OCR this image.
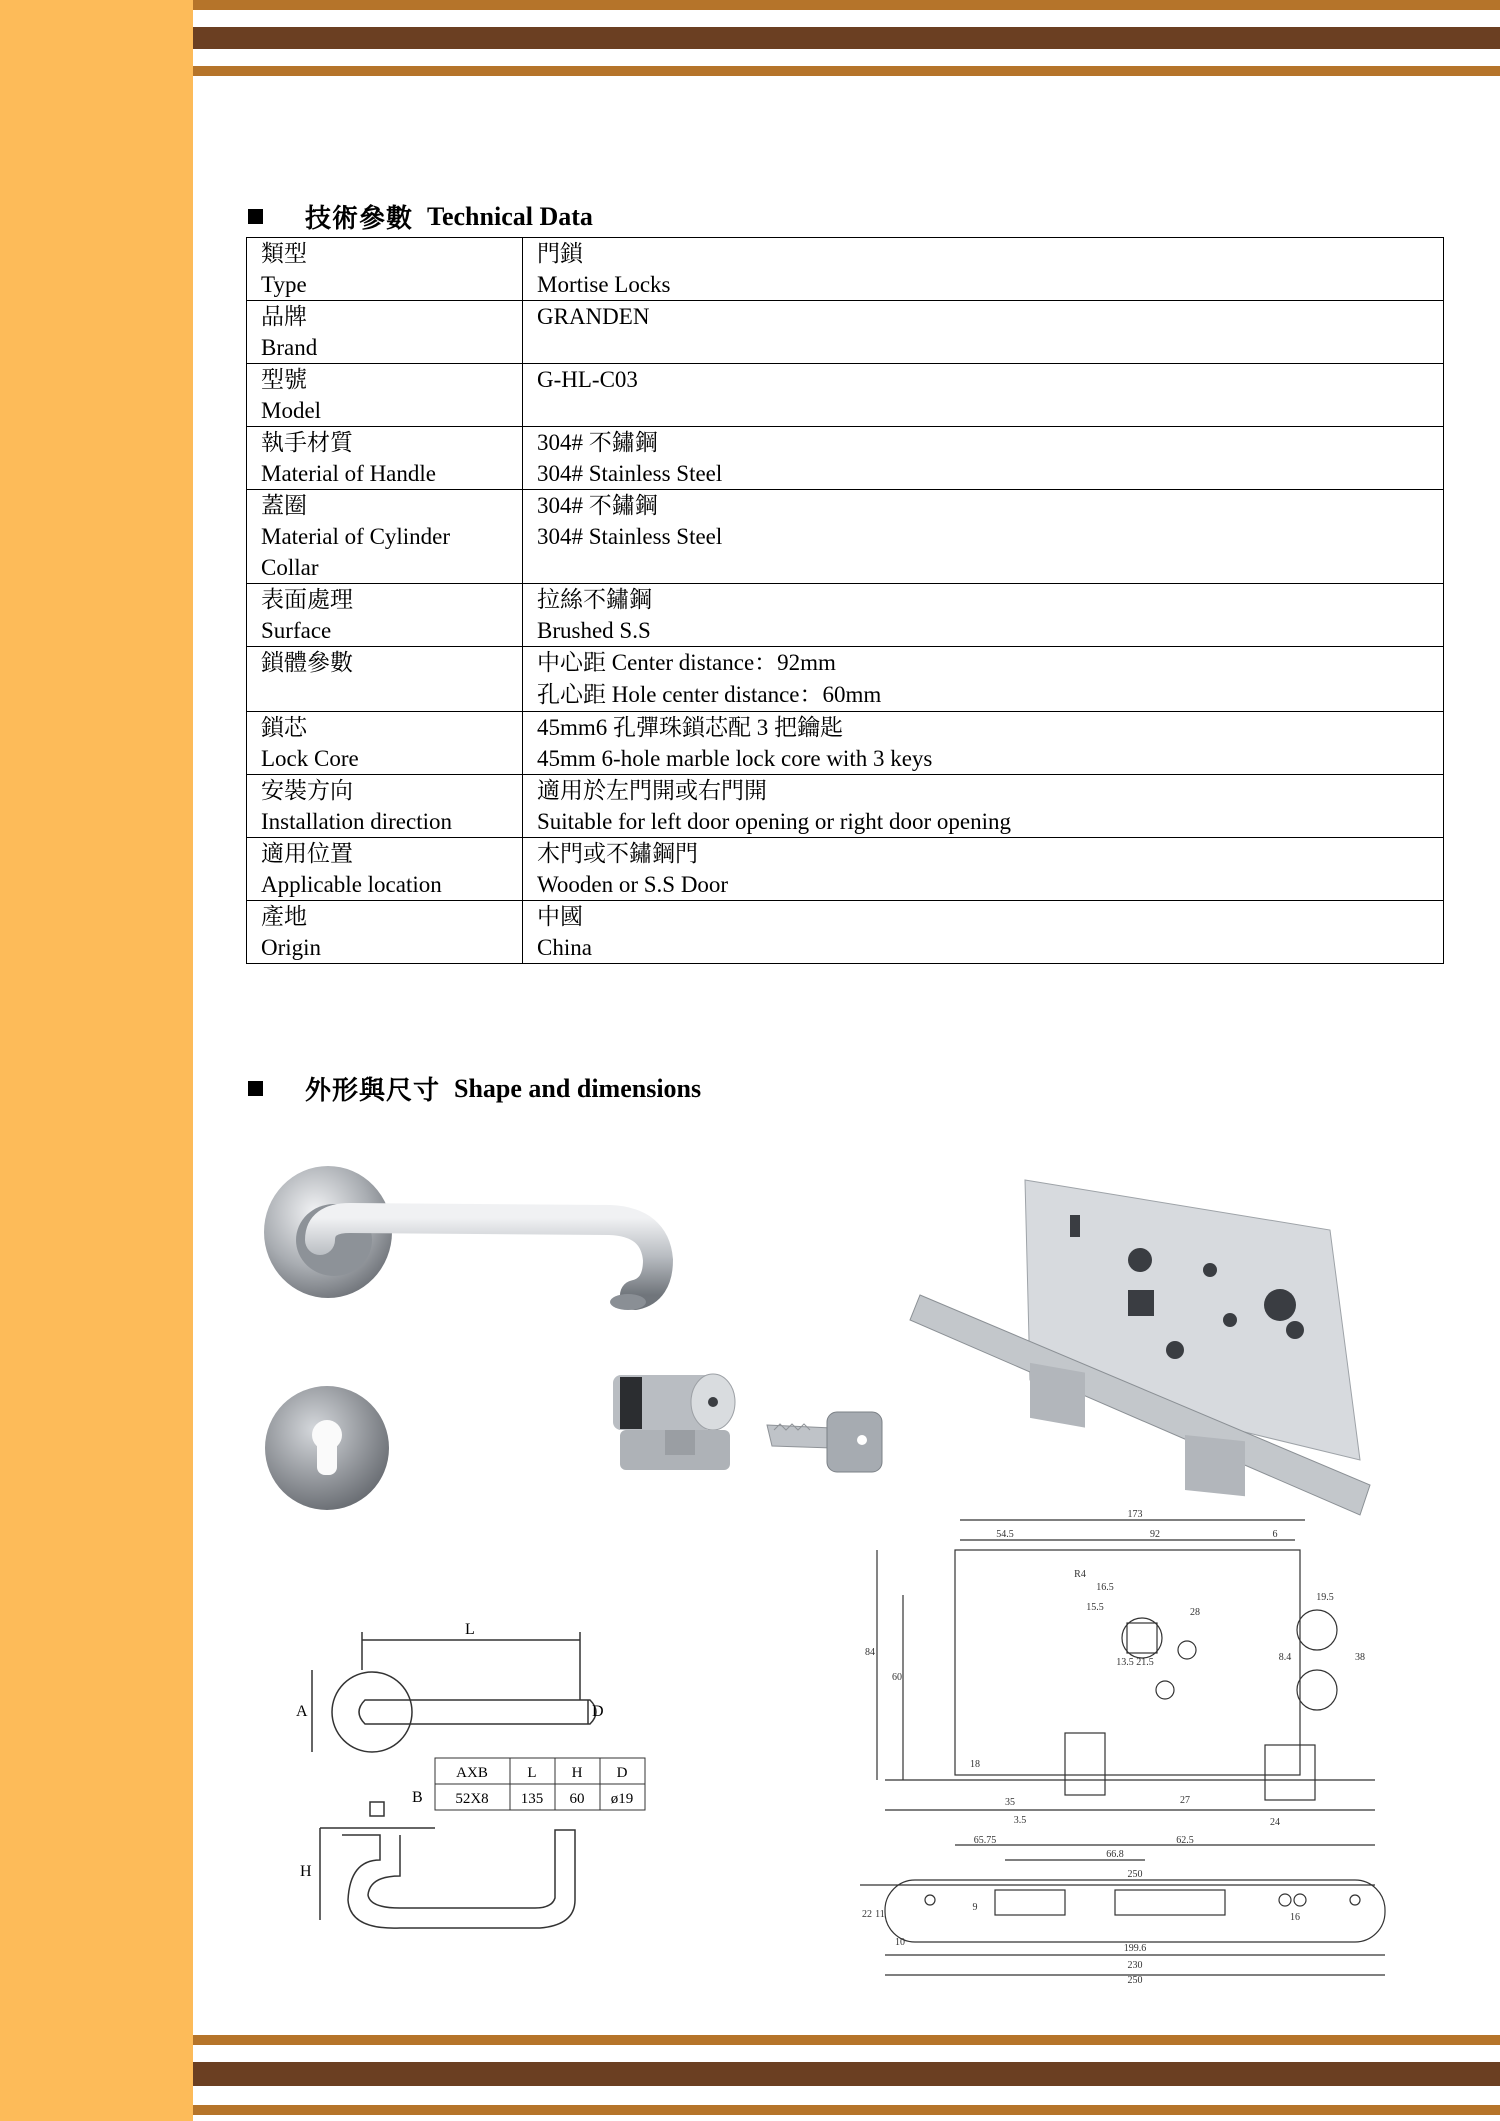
技術參數 Technical Data
類型
Type	門鎖
Mortise Locks

品牌
Brand	GRANDEN

型號
Model	G-HL-C03

執手材質
Material of Handle	304# 不鏽鋼
304# Stainless Steel

蓋圈
Material of Cylinder Collar	304# 不鏽鋼
304# Stainless Steel

表面處理
Surface	拉絲不鏽鋼
Brushed S.S

鎖體參數	中心距 Center distance：92mm
孔心距 Hole center distance：60mm

鎖芯
Lock Core	45mm6 孔彈珠鎖芯配 3 把鑰匙
45mm 6-hole marble lock core with 3 keys

安裝方向
Installation direction	適用於左門開或右門開
Suitable for left door opening or right door opening

適用位置
Applicable location	木門或不鏽鋼門
Wooden or S.S Door

產地
Origin	中國
China
外形與尺寸 Shape and dimensions
L
A	D
B
H
AXB	L H D
52X8 135 60 ø19
173
54.5	92	6
16.5
15.5
13.5
19.5
21.5
R4
84
60
38
28
8.4
35	27
18
24
3.5
66.8
65.75	62.5
250
22 11
10
9
16
199.6
230
250
